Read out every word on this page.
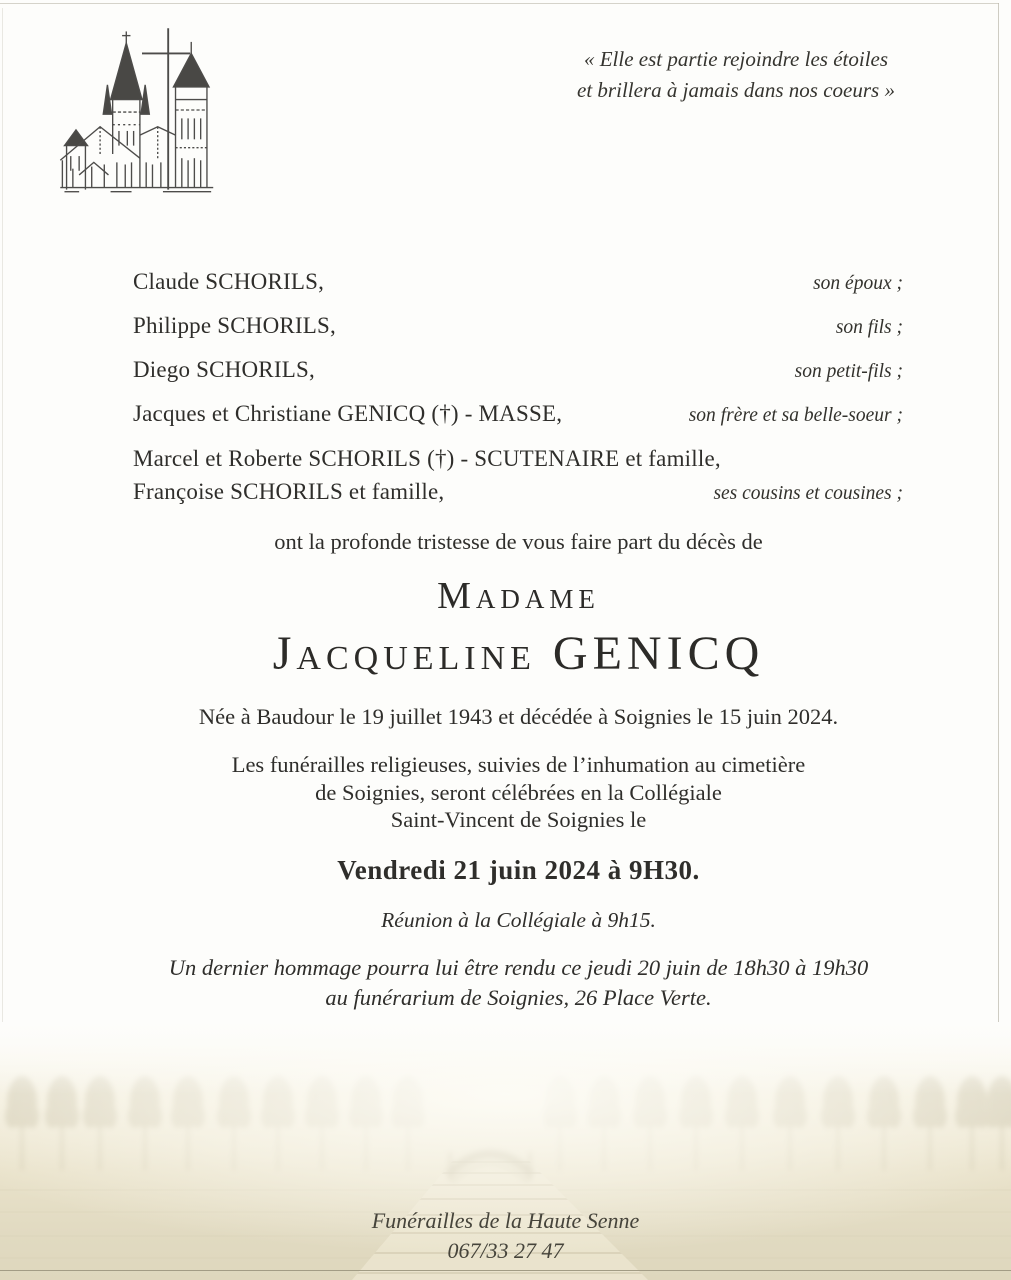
« Elle est partie rejoindre les étoiles
et brillera à jamais dans nos coeurs »
Claude SCHORILS,	son époux ;
Philippe SCHORILS,	son fils ;
Diego SCHORILS,	son petit-fils ;
Jacques et Christiane GENICQ (†) - MASSE,	son frère et sa belle-soeur ;
Marcel et Roberte SCHORILS (†) - SCUTENAIRE et famille,
Françoise SCHORILS et famille,	ses cousins et cousines ;
ont la profonde tristesse de vous faire part du décès de
Madame
Jacqueline GENICQ
Née à Baudour le 19 juillet 1943 et décédée à Soignies le 15 juin 2024.
Les funérailles religieuses, suivies de l’inhumation au cimetière
de Soignies, seront célébrées en la Collégiale
Saint-Vincent de Soignies le
Vendredi 21 juin 2024 à 9H30.
Réunion à la Collégiale à 9h15.
Un dernier hommage pourra lui être rendu ce jeudi 20 juin de 18h30 à 19h30
au funérarium de Soignies, 26 Place Verte.
Funérailles de la Haute Senne
067/33 27 47
